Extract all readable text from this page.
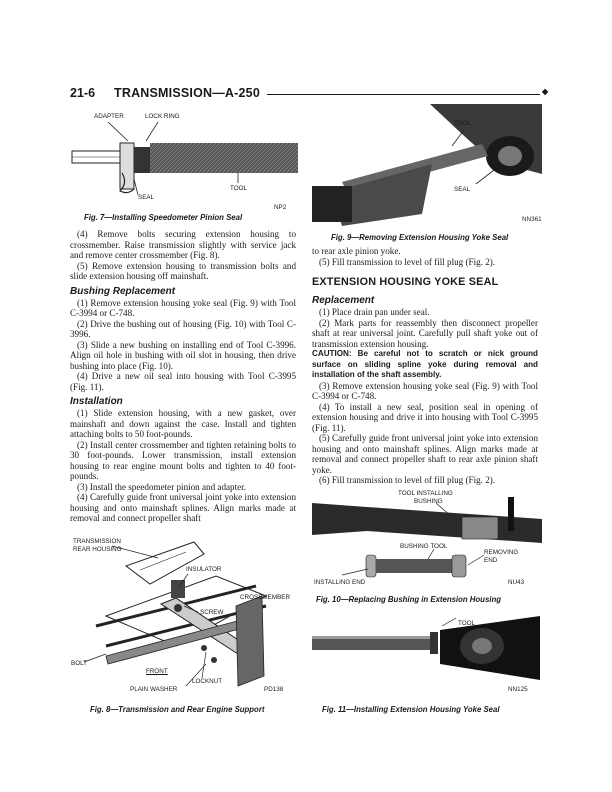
21-6 TRANSMISSION—A-250	◆
ADAPTER	LOCK RING
SEAL
TOOL
NP2
Fig. 7—Installing Speedometer Pinion Seal
TOOL
SEAL
NN361
Fig. 9—Removing Extension Housing Yoke Seal

(4) Remove bolts securing extension housing to crossmember. Raise transmission slightly with service jack and remove center crossmember (Fig. 8).

(5) Remove extension housing to transmission bolts and slide extension housing off mainshaft.

Bushing Replacement

(1) Remove extension housing yoke seal (Fig. 9) with Tool C-3994 or C-748.

(2) Drive the bushing out of housing (Fig. 10) with Tool C-3996.

(3) Slide a new bushing on installing end of Tool C-3996. Align oil hole in bushing with oil slot in housing, then drive bushing into place (Fig. 10).

(4) Drive a new oil seal into housing with Tool C-3995 (Fig. 11).

Installation

(1) Slide extension housing, with a new gasket, over mainshaft and down against the case. Install and tighten attaching bolts to 50 foot-pounds.

(2) Install center crossmember and tighten retaining bolts to 30 foot-pounds. Lower transmission, install extension housing to rear engine mount bolts and tighten to 40 foot-pounds.

(3) Install the speedometer pinion and adapter.

(4) Carefully guide front universal joint yoke into extension housing and onto mainshaft splines. Align marks made at removal and connect propeller shaft

to rear axle pinion yoke.

(5) Fill transmission to level of fill plug (Fig. 2).

EXTENSION HOUSING YOKE SEAL
Replacement

(1) Place drain pan under seal.

(2) Mark parts for reassembly then disconnect propeller shaft at rear universal joint. Carefully pull shaft yoke out of transmission extension housing.

CAUTION: Be careful not to scratch or nick ground surface on sliding spline yoke during removal and installation of the shaft assembly.

(3) Remove extension housing yoke seal (Fig. 9) with Tool C-3994 or C-748.

(4) To install a new seal, position seal in opening of extension housing and drive it into housing with Tool C-3995 (Fig. 11).

(5) Carefully guide front universal joint yoke into extension housing and onto mainshaft splines. Align marks made at removal and connect propeller shaft to rear axle pinion shaft yoke.

(6) Fill transmission to level of fill plug (Fig. 2).

TRANSMISSION
REAR HOUSING
INSULATOR
CROSSMEMBER
SCREW
BOLT
FRONT
LOCKNUT
PLAIN WASHER	PD138
Fig. 8—Transmission and Rear Engine Support
TOOL INSTALLING
BUSHING
BUSHING TOOL
REMOVING
END
INSTALLING END	NU43
Fig. 10—Replacing Bushing in Extension Housing
TOOL
NN125
Fig. 11—Installing Extension Housing Yoke Seal
